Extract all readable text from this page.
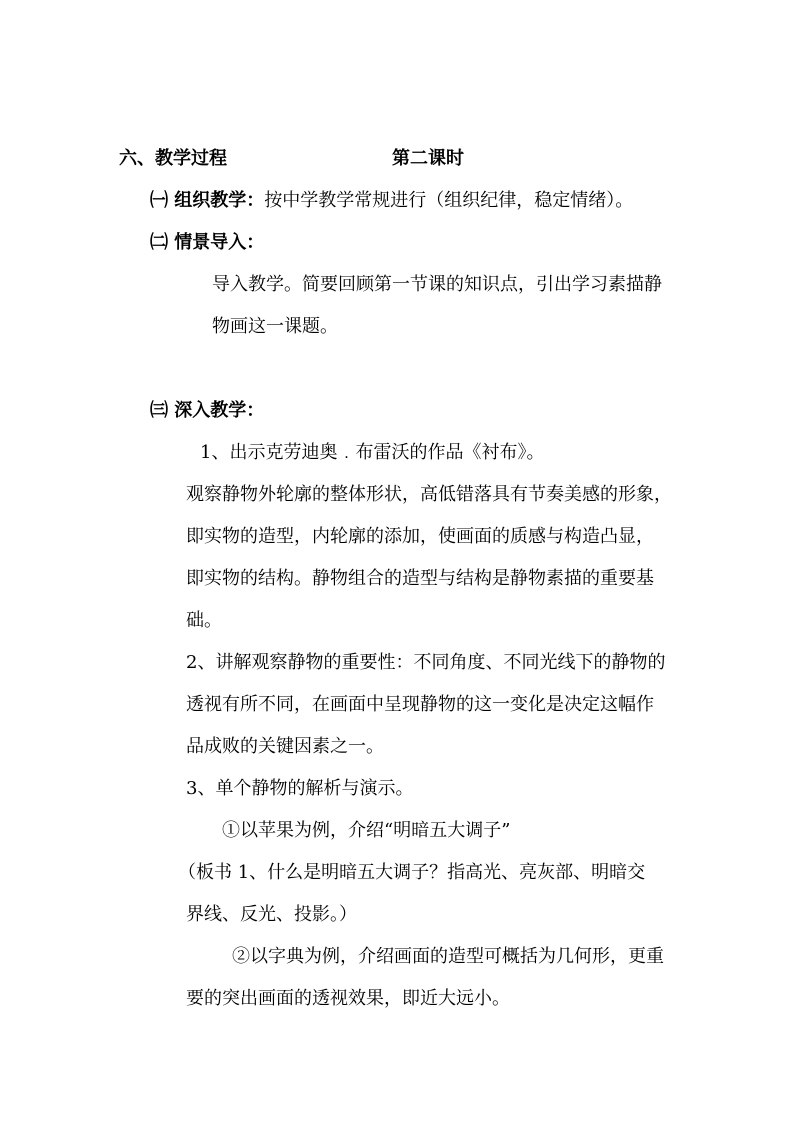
六、教学过程	第二课时
㈠ 组织教学：按中学教学常规进行（组织纪律，稳定情绪）。
㈡ 情景导入：
导入教学。简要回顾第一节课的知识点，引出学习素描静
物画这一课题。
㈢ 深入教学：
1、出示克劳迪奥﹒布雷沃的作品《衬布》。
观察静物外轮廓的整体形状，高低错落具有节奏美感的形象，
即实物的造型，内轮廓的添加，使画面的质感与构造凸显，
即实物的结构。静物组合的造型与结构是静物素描的重要基
础。
2、讲解观察静物的重要性：不同角度、不同光线下的静物的
透视有所不同，在画面中呈现静物的这一变化是决定这幅作
品成败的关键因素之一。
3、单个静物的解析与演示。
①以苹果为例，介绍“明暗五大调子”
（板书 1、什么是明暗五大调子？指高光、亮灰部、明暗交
界线、反光、投影。）
②以字典为例，介绍画面的造型可概括为几何形，更重
要的突出画面的透视效果，即近大远小。
